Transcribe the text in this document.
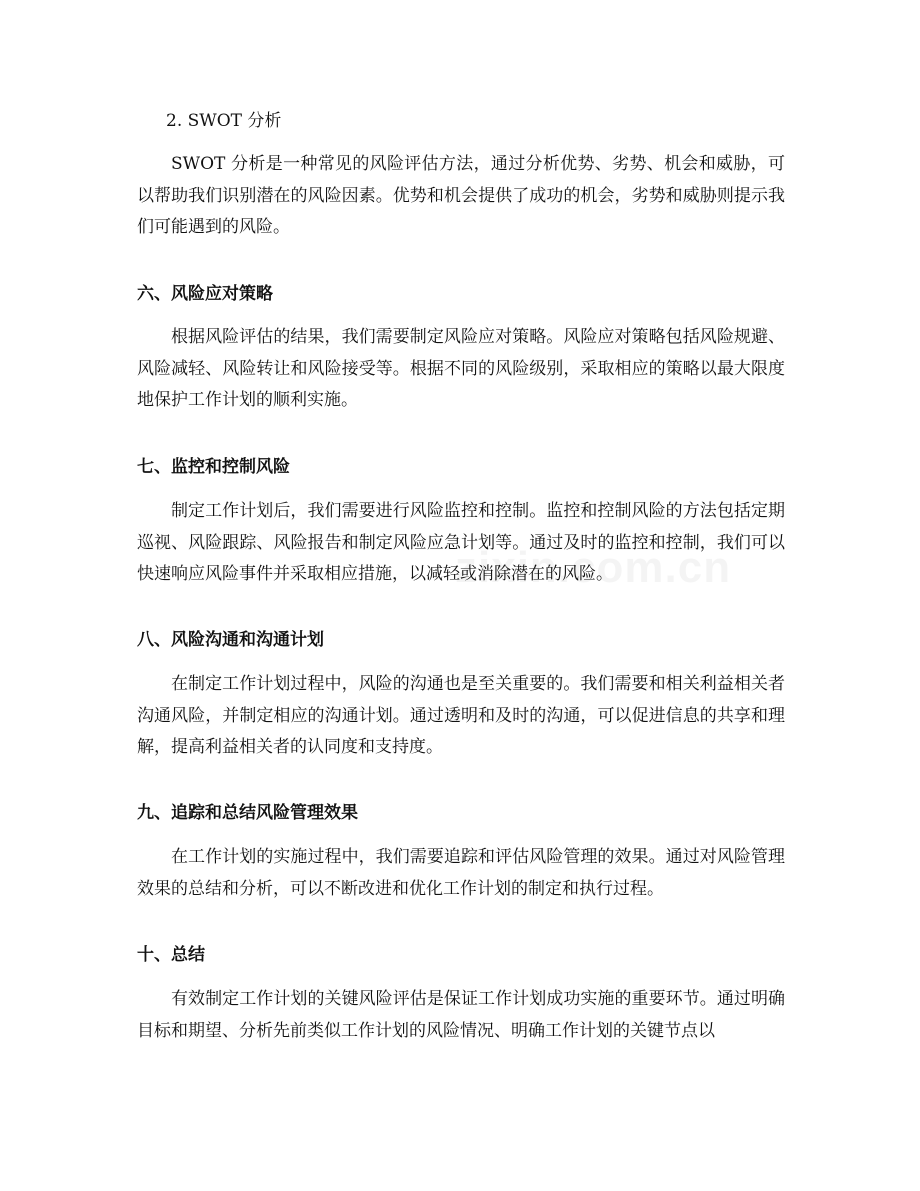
2. SWOT 分析
SWOT 分析是一种常见的风险评估方法，通过分析优势、劣势、机会和威胁，可以帮助我们识别潜在的风险因素。优势和机会提供了成功的机会，劣势和威胁则提示我们可能遇到的风险。
六、风险应对策略
根据风险评估的结果，我们需要制定风险应对策略。风险应对策略包括风险规避、风险减轻、风险转让和风险接受等。根据不同的风险级别，采取相应的策略以最大限度地保护工作计划的顺利实施。
七、监控和控制风险
制定工作计划后，我们需要进行风险监控和控制。监控和控制风险的方法包括定期巡视、风险跟踪、风险报告和制定风险应急计划等。通过及时的监控和控制，我们可以快速响应风险事件并采取相应措施，以减轻或消除潜在的风险。
八、风险沟通和沟通计划
在制定工作计划过程中，风险的沟通也是至关重要的。我们需要和相关利益相关者沟通风险，并制定相应的沟通计划。通过透明和及时的沟通，可以促进信息的共享和理解，提高利益相关者的认同度和支持度。
九、追踪和总结风险管理效果
在工作计划的实施过程中，我们需要追踪和评估风险管理的效果。通过对风险管理效果的总结和分析，可以不断改进和优化工作计划的制定和执行过程。
十、总结
有效制定工作计划的关键风险评估是保证工作计划成功实施的重要环节。通过明确目标和期望、分析先前类似工作计划的风险情况、明确工作计划的关键节点以
